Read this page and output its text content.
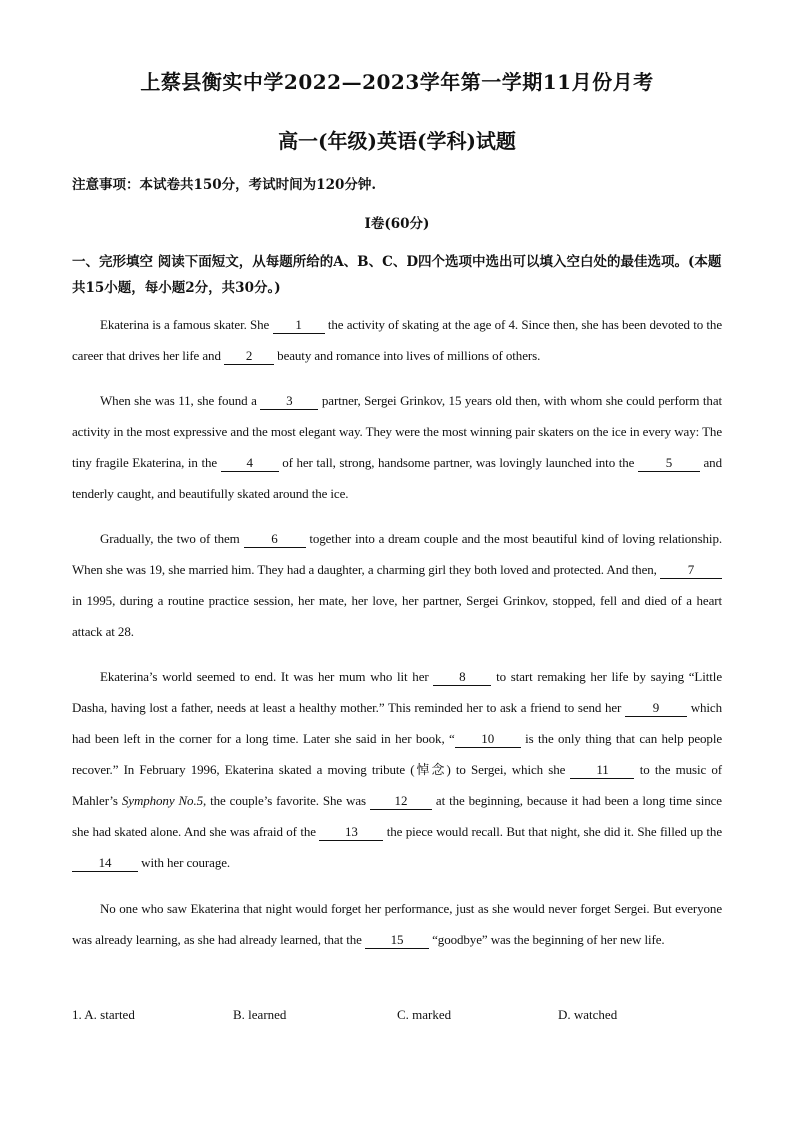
上蔡县衡实中学2022—2023学年第一学期11月份月考
高一(年级)英语(学科)试题
注意事项：本试卷共150分，考试时间为120分钟.
I卷(60分)
一、完形填空 阅读下面短文，从每题所给的A、B、C、D四个选项中选出可以填入空白处的最佳选项。(本题共15小题，每小题2分，共30分。)
Ekaterina is a famous skater. She 1 the activity of skating at the age of 4. Since then, she has been devoted to the career that drives her life and 2 beauty and romance into lives of millions of others.
When she was 11, she found a 3 partner, Sergei Grinkov, 15 years old then, with whom she could perform that activity in the most expressive and the most elegant way. They were the most winning pair skaters on the ice in every way: The tiny fragile Ekaterina, in the 4 of her tall, strong, handsome partner, was lovingly launched into the 5 and tenderly caught, and beautifully skated around the ice.
Gradually, the two of them 6 together into a dream couple and the most beautiful kind of loving relationship. When she was 19, she married him. They had a daughter, a charming girl they both loved and protected. And then, 7 in 1995, during a routine practice session, her mate, her love, her partner, Sergei Grinkov, stopped, fell and died of a heart attack at 28.
Ekaterina’s world seemed to end. It was her mum who lit her 8 to start remaking her life by saying “Little Dasha, having lost a father, needs at least a healthy mother.” This reminded her to ask a friend to send her 9 which had been left in the corner for a long time. Later she said in her book, “ 10 is the only thing that can help people recover.” In February 1996, Ekaterina skated a moving tribute (悼念) to Sergei, which she 11 to the music of Mahler’s Symphony No.5, the couple’s favorite. She was 12 at the beginning, because it had been a long time since she had skated alone. And she was afraid of the 13 the piece would recall. But that night, she did it. She filled up the 14 with her courage.
No one who saw Ekaterina that night would forget her performance, just as she would never forget Sergei. But everyone was already learning, as she had already learned, that the 15 “goodbye” was the beginning of her new life.
1. A. started	B. learned	C. marked	D. watched
